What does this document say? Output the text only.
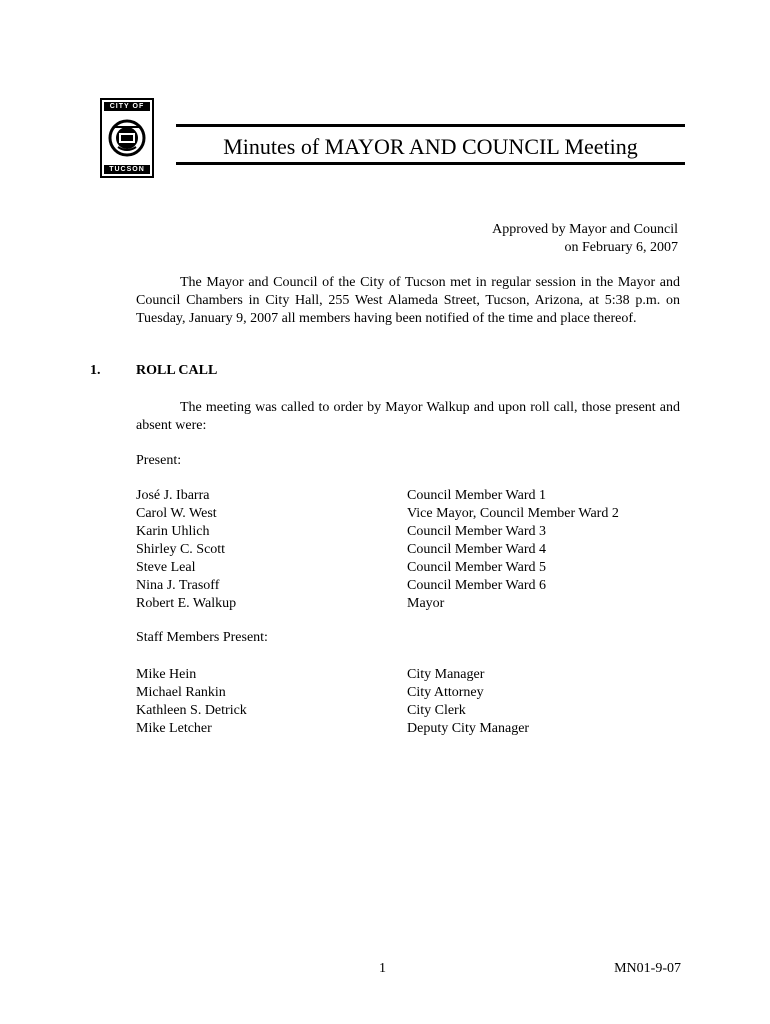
CITY OF
TUCSON
Minutes of MAYOR AND COUNCIL Meeting
Approved by Mayor and Council
on February 6, 2007
The Mayor and Council of the City of Tucson met in regular session in the Mayor and Council Chambers in City Hall, 255 West Alameda Street, Tucson, Arizona, at 5:38 p.m. on Tuesday, January 9, 2007 all members having been notified of the time and place thereof.
1.	ROLL CALL
The meeting was called to order by Mayor Walkup and upon roll call, those present and absent were:
Present:
José J. Ibarra
Carol W. West
Karin Uhlich
Shirley C. Scott
Steve Leal
Nina J. Trasoff
Robert E. Walkup
Council Member Ward 1
Vice Mayor, Council Member Ward 2
Council Member Ward 3
Council Member Ward 4
Council Member Ward 5
Council Member Ward 6
Mayor
Staff Members Present:
Mike Hein
Michael Rankin
Kathleen S. Detrick
Mike Letcher
City Manager
City Attorney
City Clerk
Deputy City Manager
1	MN01-9-07
